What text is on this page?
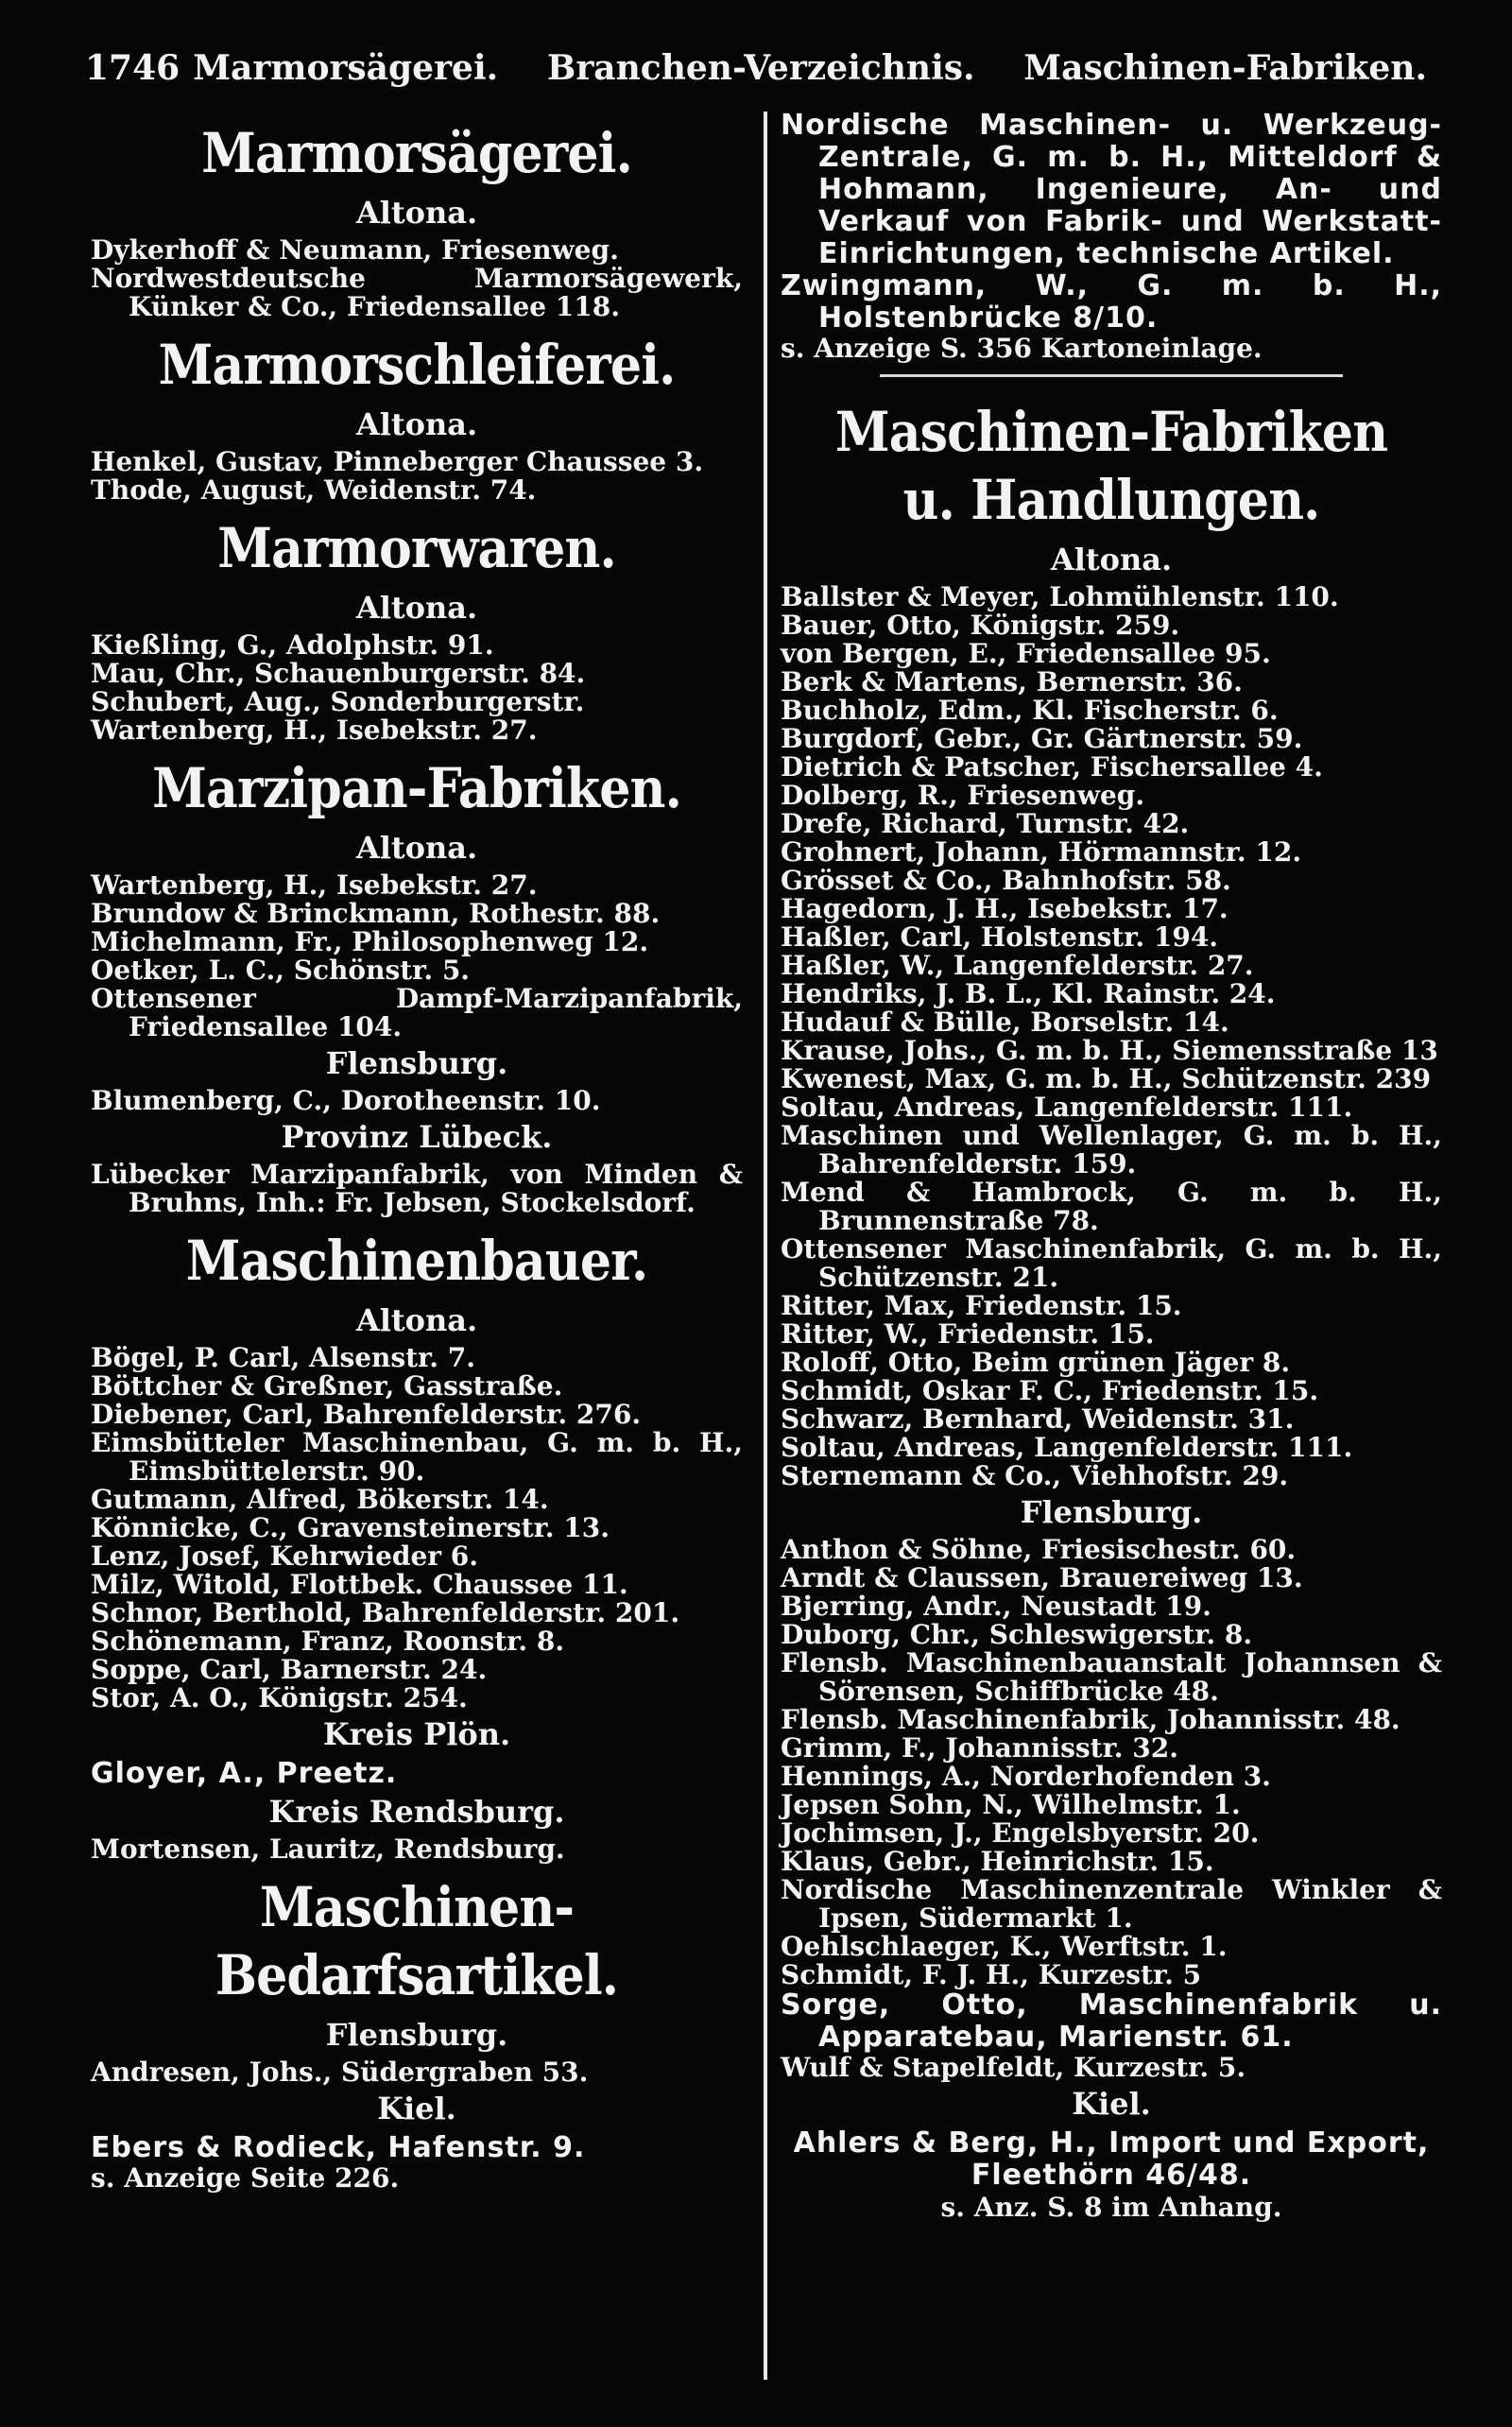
1746 Marmorsägerei. Branchen-Verzeichnis. Maschinen-Fabriken.
Marmorsägerei.
Altona.

Dykerhoff & Neumann, Friesenweg.

Nordwestdeutsche Marmorsägewerk, Künker & Co., Friedensallee 118.

Marmorschleiferei.
Altona.

Henkel, Gustav, Pinneberger Chaussee 3.

Thode, August, Weidenstr. 74.

Marmorwaren.
Altona.

Kießling, G., Adolphstr. 91.

Mau, Chr., Schauenburgerstr. 84.

Schubert, Aug., Sonderburgerstr.

Wartenberg, H., Isebekstr. 27.

Marzipan-Fabriken.
Altona.

Wartenberg, H., Isebekstr. 27.

Brundow & Brinckmann, Rothestr. 88.

Michelmann, Fr., Philosophenweg 12.

Oetker, L. C., Schönstr. 5.

Ottensener Dampf-Marzipanfabrik, Friedensallee 104.

Flensburg.

Blumenberg, C., Dorotheenstr. 10.

Provinz Lübeck.

Lübecker Marzipanfabrik, von Minden & Bruhns, Inh.: Fr. Jebsen, Stockelsdorf.

Maschinenbauer.
Altona.

Bögel, P. Carl, Alsenstr. 7.

Böttcher & Greßner, Gasstraße.

Diebener, Carl, Bahrenfelderstr. 276.

Eimsbütteler Maschinenbau, G. m. b. H., Eimsbüttelerstr. 90.

Gutmann, Alfred, Bökerstr. 14.

Könnicke, C., Gravensteinerstr. 13.

Lenz, Josef, Kehrwieder 6.

Milz, Witold, Flottbek. Chaussee 11.

Schnor, Berthold, Bahrenfelderstr. 201.

Schönemann, Franz, Roonstr. 8.

Soppe, Carl, Barnerstr. 24.

Stor, A. O., Königstr. 254.

Kreis Plön.

Gloyer, A., Preetz.

Kreis Rendsburg.

Mortensen, Lauritz, Rendsburg.

Maschinen-Bedarfsartikel.
Flensburg.

Andresen, Johs., Südergraben 53.

Kiel.

Ebers & Rodieck, Hafenstr. 9.

s. Anzeige Seite 226.

Nordische Maschinen- u. Werkzeug-Zentrale, G. m. b. H., Mitteldorf & Hohmann, Ingenieure, An- und Verkauf von Fabrik- und Werkstatt-Einrichtungen, technische Artikel.

Zwingmann, W., G. m. b. H., Holstenbrücke 8/10.

s. Anzeige S. 356 Kartoneinlage.

Maschinen-Fabriken u. Handlungen.
Altona.

Ballster & Meyer, Lohmühlenstr. 110.

Bauer, Otto, Königstr. 259.

von Bergen, E., Friedensallee 95.

Berk & Martens, Bernerstr. 36.

Buchholz, Edm., Kl. Fischerstr. 6.

Burgdorf, Gebr., Gr. Gärtnerstr. 59.

Dietrich & Patscher, Fischersallee 4.

Dolberg, R., Friesenweg.

Drefe, Richard, Turnstr. 42.

Grohnert, Johann, Hörmannstr. 12.

Grösset & Co., Bahnhofstr. 58.

Hagedorn, J. H., Isebekstr. 17.

Haßler, Carl, Holstenstr. 194.

Haßler, W., Langenfelderstr. 27.

Hendriks, J. B. L., Kl. Rainstr. 24.

Hudauf & Bülle, Borselstr. 14.

Krause, Johs., G. m. b. H., Siemensstraße 13

Kwenest, Max, G. m. b. H., Schützenstr. 239

Soltau, Andreas, Langenfelderstr. 111.

Maschinen und Wellenlager, G. m. b. H., Bahrenfelderstr. 159.

Mend & Hambrock, G. m. b. H., Brunnenstraße 78.

Ottensener Maschinenfabrik, G. m. b. H., Schützenstr. 21.

Ritter, Max, Friedenstr. 15.

Ritter, W., Friedenstr. 15.

Roloff, Otto, Beim grünen Jäger 8.

Schmidt, Oskar F. C., Friedenstr. 15.

Schwarz, Bernhard, Weidenstr. 31.

Soltau, Andreas, Langenfelderstr. 111.

Sternemann & Co., Viehhofstr. 29.

Flensburg.

Anthon & Söhne, Friesischestr. 60.

Arndt & Claussen, Brauereiweg 13.

Bjerring, Andr., Neustadt 19.

Duborg, Chr., Schleswigerstr. 8.

Flensb. Maschinenbauanstalt Johannsen & Sörensen, Schiffbrücke 48.

Flensb. Maschinenfabrik, Johannisstr. 48.

Grimm, F., Johannisstr. 32.

Hennings, A., Norderhofenden 3.

Jepsen Sohn, N., Wilhelmstr. 1.

Jochimsen, J., Engelsbyerstr. 20.

Klaus, Gebr., Heinrichstr. 15.

Nordische Maschinenzentrale Winkler & Ipsen, Südermarkt 1.

Oehlschlaeger, K., Werftstr. 1.

Schmidt, F. J. H., Kurzestr. 5

Sorge, Otto, Maschinenfabrik u. Apparatebau, Marienstr. 61.

Wulf & Stapelfeldt, Kurzestr. 5.

Kiel.

Ahlers & Berg, H., Import und Export, Fleethörn 46/48.

s. Anz. S. 8 im Anhang.
